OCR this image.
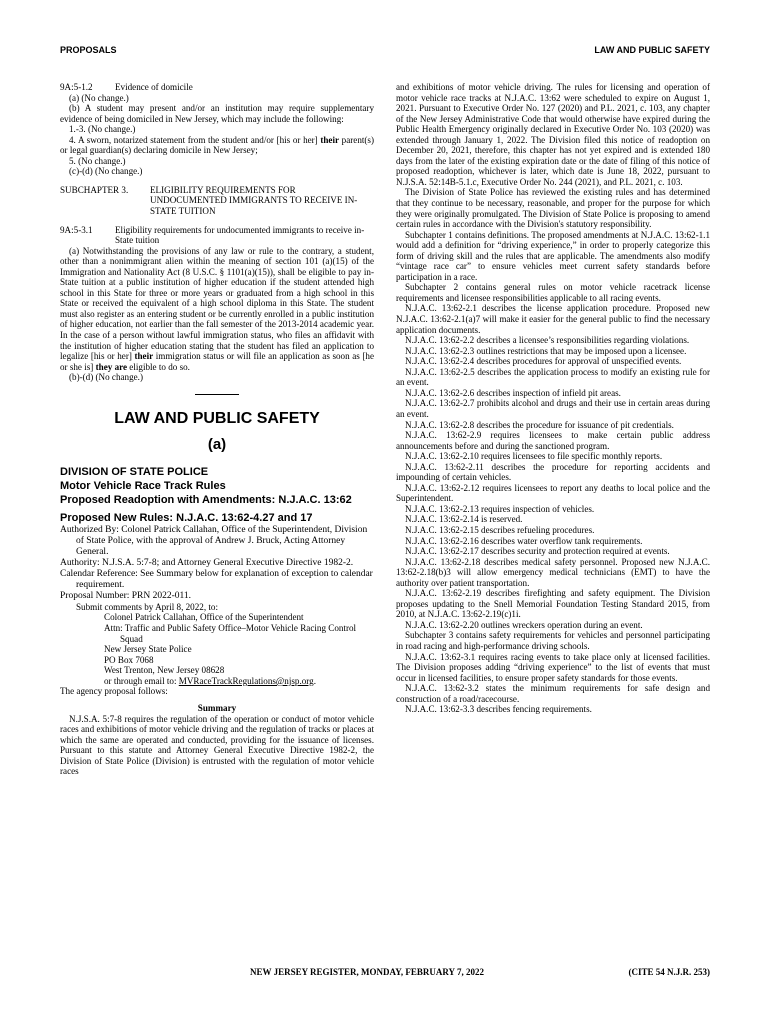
PROPOSALS	LAW AND PUBLIC SAFETY
9A:5-1.2	Evidence of domicile

(a) (No change.)

(b) A student may present and/or an institution may require supplementary evidence of being domiciled in New Jersey, which may include the following:

1.-3. (No change.)

4. A sworn, notarized statement from the student and/or [his or her] their parent(s) or legal guardian(s) declaring domicile in New Jersey;

5. (No change.)

(c)-(d) (No change.)

SUBCHAPTER 3.	ELIGIBILITY REQUIREMENTS FOR UNDOCUMENTED IMMIGRANTS TO RECEIVE IN-STATE TUITION
9A:5-3.1	Eligibility requirements for undocumented immigrants to receive in-State tuition

(a) Notwithstanding the provisions of any law or rule to the contrary, a student, other than a nonimmigrant alien within the meaning of section 101 (a)(15) of the Immigration and Nationality Act (8 U.S.C. § 1101(a)(15)), shall be eligible to pay in-State tuition at a public institution of higher education if the student attended high school in this State for three or more years or graduated from a high school in this State or received the equivalent of a high school diploma in this State. The student must also register as an entering student or be currently enrolled in a public institution of higher education, not earlier than the fall semester of the 2013-2014 academic year. In the case of a person without lawful immigration status, who files an affidavit with the institution of higher education stating that the student has filed an application to legalize [his or her] their immigration status or will file an application as soon as [he or she is] they are eligible to do so.

(b)-(d) (No change.)

LAW AND PUBLIC SAFETY
(a)
DIVISION OF STATE POLICE
Motor Vehicle Race Track Rules
Proposed Readoption with Amendments: N.J.A.C. 13:62
Proposed New Rules: N.J.A.C. 13:62-4.27 and 17

Authorized By: Colonel Patrick Callahan, Office of the Superintendent, Division of State Police, with the approval of Andrew J. Bruck, Acting Attorney General.

Authority: N.J.S.A. 5:7-8; and Attorney General Executive Directive 1982-2.

Calendar Reference: See Summary below for explanation of exception to calendar requirement.

Proposal Number: PRN 2022-011.

Submit comments by April 8, 2022, to:

Colonel Patrick Callahan, Office of the Superintendent
Attn: Traffic and Public Safety Office–Motor Vehicle Racing Control Squad
New Jersey State Police
PO Box 7068
West Trenton, New Jersey 08628
or through email to: MVRaceTrackRegulations@njsp.org.

The agency proposal follows:

Summary

N.J.S.A. 5:7-8 requires the regulation of the operation or conduct of motor vehicle races and exhibitions of motor vehicle driving and the regulation of tracks or places at which the same are operated and conducted, providing for the issuance of licenses. Pursuant to this statute and Attorney General Executive Directive 1982-2, the Division of State Police (Division) is entrusted with the regulation of motor vehicle races

and exhibitions of motor vehicle driving. The rules for licensing and operation of motor vehicle race tracks at N.J.A.C. 13:62 were scheduled to expire on August 1, 2021. Pursuant to Executive Order No. 127 (2020) and P.L. 2021, c. 103, any chapter of the New Jersey Administrative Code that would otherwise have expired during the Public Health Emergency originally declared in Executive Order No. 103 (2020) was extended through January 1, 2022. The Division filed this notice of readoption on December 20, 2021, therefore, this chapter has not yet expired and is extended 180 days from the later of the existing expiration date or the date of filing of this notice of proposed readoption, whichever is later, which date is June 18, 2022, pursuant to N.J.S.A. 52:14B-5.1.c, Executive Order No. 244 (2021), and P.L. 2021, c. 103.

The Division of State Police has reviewed the existing rules and has determined that they continue to be necessary, reasonable, and proper for the purpose for which they were originally promulgated. The Division of State Police is proposing to amend certain rules in accordance with the Division's statutory responsibility.

Subchapter 1 contains definitions. The proposed amendments at N.J.A.C. 13:62-1.1 would add a definition for “driving experience,” in order to properly categorize this form of driving skill and the rules that are applicable. The amendments also modify “vintage race car” to ensure vehicles meet current safety standards before participation in a race.

Subchapter 2 contains general rules on motor vehicle racetrack license requirements and licensee responsibilities applicable to all racing events.

N.J.A.C. 13:62-2.1 describes the license application procedure. Proposed new N.J.A.C. 13:62-2.1(a)7 will make it easier for the general public to find the necessary application documents.

N.J.A.C. 13:62-2.2 describes a licensee’s responsibilities regarding violations.

N.J.A.C. 13:62-2.3 outlines restrictions that may be imposed upon a licensee.

N.J.A.C. 13:62-2.4 describes procedures for approval of unspecified events.

N.J.A.C. 13:62-2.5 describes the application process to modify an existing rule for an event.

N.J.A.C. 13:62-2.6 describes inspection of infield pit areas.

N.J.A.C. 13:62-2.7 prohibits alcohol and drugs and their use in certain areas during an event.

N.J.A.C. 13:62-2.8 describes the procedure for issuance of pit credentials.

N.J.A.C. 13:62-2.9 requires licensees to make certain public address announcements before and during the sanctioned program.

N.J.A.C. 13:62-2.10 requires licensees to file specific monthly reports.

N.J.A.C. 13:62-2.11 describes the procedure for reporting accidents and impounding of certain vehicles.

N.J.A.C. 13:62-2.12 requires licensees to report any deaths to local police and the Superintendent.

N.J.A.C. 13:62-2.13 requires inspection of vehicles.

N.J.A.C. 13:62-2.14 is reserved.

N.J.A.C. 13:62-2.15 describes refueling procedures.

N.J.A.C. 13:62-2.16 describes water overflow tank requirements.

N.J.A.C. 13:62-2.17 describes security and protection required at events.

N.J.A.C. 13:62-2.18 describes medical safety personnel. Proposed new N.J.A.C. 13:62-2.18(b)3 will allow emergency medical technicians (EMT) to have the authority over patient transportation.

N.J.A.C. 13:62-2.19 describes firefighting and safety equipment. The Division proposes updating to the Snell Memorial Foundation Testing Standard 2015, from 2010, at N.J.A.C. 13:62-2.19(c)1i.

N.J.A.C. 13:62-2.20 outlines wreckers operation during an event.

Subchapter 3 contains safety requirements for vehicles and personnel participating in road racing and high-performance driving schools.

N.J.A.C. 13:62-3.1 requires racing events to take place only at licensed facilities. The Division proposes adding “driving experience” to the list of events that must occur in licensed facilities, to ensure proper safety standards for those events.

N.J.A.C. 13:62-3.2 states the minimum requirements for safe design and construction of a road/racecourse.

N.J.A.C. 13:62-3.3 describes fencing requirements.

NEW JERSEY REGISTER, MONDAY, FEBRUARY 7, 2022	(CITE 54 N.J.R. 253)
